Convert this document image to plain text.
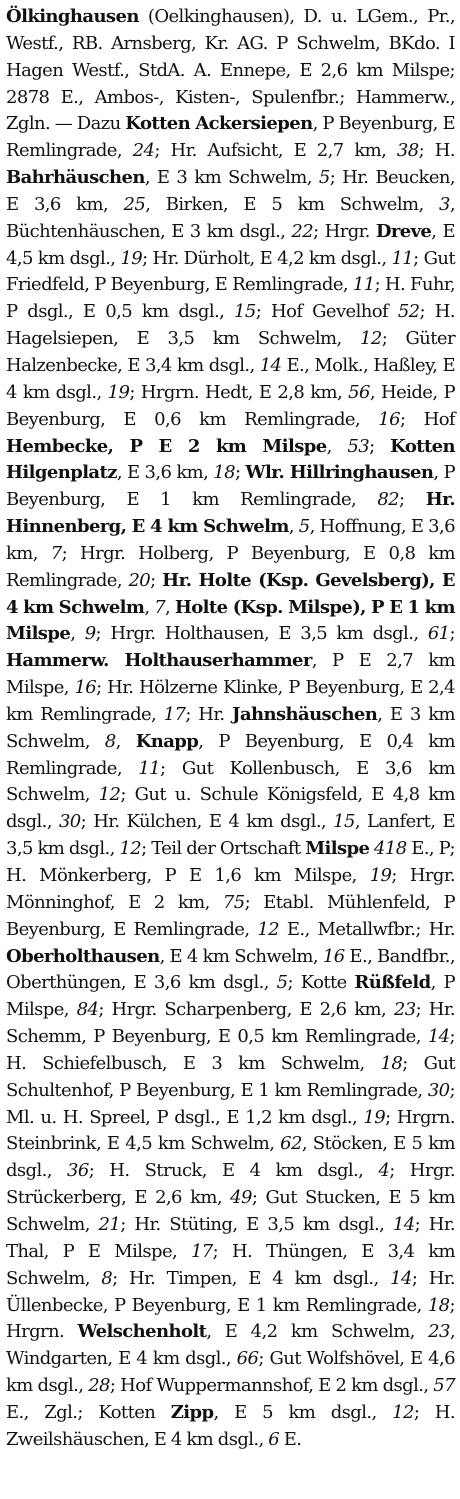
Ölkinghausen (Oelkinghausen), D. u. LGem., Pr., Westf., RB. Arnsberg, Kr. AG. P Schwelm, BKdo. I Hagen Westf., StdA. A. Ennepe, E 2,6 km Milspe; 2878 E., Ambos-, Kisten-, Spulenfbr.; Hammerw., Zgln. — Dazu Kotten Ackersiepen, P Beyenburg, E Remlingrade, 24; Hr. Aufsicht, E 2,7 km, 38; H. Bahrhäuschen, E 3 km Schwelm, 5; Hr. Beucken, E 3,6 km, 25, Birken, E 5 km Schwelm, 3, Büchtenhäuschen, E 3 km dsgl., 22; Hrgr. Dreve, E 4,5 km dsgl., 19; Hr. Dürholt, E 4,2 km dsgl., 11; Gut Friedfeld, P Beyenburg, E Remlingrade, 11; H. Fuhr, P dsgl., E 0,5 km dsgl., 15; Hof Gevelhof 52; H. Hagelsiepen, E 3,5 km Schwelm, 12; Güter Halzenbecke, E 3,4 km dsgl., 14 E., Molk., Haßley, E 4 km dsgl., 19; Hrgrn. Hedt, E 2,8 km, 56, Heide, P Beyenburg, E 0,6 km Remlingrade, 16; Hof Hembecke, P E 2 km Milspe, 53; Kotten Hilgenplatz, E 3,6 km, 18; Wlr. Hillringhausen, P Beyenburg, E 1 km Remlingrade, 82; Hr. Hinnenberg, E 4 km Schwelm, 5, Hoffnung, E 3,6 km, 7; Hrgr. Holberg, P Beyenburg, E 0,8 km Remlingrade, 20; Hr. Holte (Ksp. Gevelsberg), E 4 km Schwelm, 7, Holte (Ksp. Milspe), P E 1 km Milspe, 9; Hrgr. Holthausen, E 3,5 km dsgl., 61; Hammerw. Holthauserhammer, P E 2,7 km Milspe, 16; Hr. Hölzerne Klinke, P Beyenburg, E 2,4 km Remlingrade, 17; Hr. Jahnshäuschen, E 3 km Schwelm, 8, Knapp, P Beyenburg, E 0,4 km Remlingrade, 11; Gut Kollenbusch, E 3,6 km Schwelm, 12; Gut u. Schule Königsfeld, E 4,8 km dsgl., 30; Hr. Külchen, E 4 km dsgl., 15, Lanfert, E 3,5 km dsgl., 12; Teil der Ortschaft Milspe 418 E., P; H. Mönkerberg, P E 1,6 km Milspe, 19; Hrgr. Mönninghof, E 2 km, 75; Etabl. Mühlenfeld, P Beyenburg, E Remlingrade, 12 E., Metallwfbr.; Hr. Oberholthausen, E 4 km Schwelm, 16 E., Bandfbr., Oberthüngen, E 3,6 km dsgl., 5; Kotte Rüßfeld, P Milspe, 84; Hrgr. Scharpenberg, E 2,6 km, 23; Hr. Schemm, P Beyenburg, E 0,5 km Remlingrade, 14; H. Schiefelbusch, E 3 km Schwelm, 18; Gut Schultenhof, P Beyenburg, E 1 km Remlingrade, 30; Ml. u. H. Spreel, P dsgl., E 1,2 km dsgl., 19; Hrgrn. Steinbrink, E 4,5 km Schwelm, 62, Stöcken, E 5 km dsgl., 36; H. Struck, E 4 km dsgl., 4; Hrgr. Strückerberg, E 2,6 km, 49; Gut Stucken, E 5 km Schwelm, 21; Hr. Stüting, E 3,5 km dsgl., 14; Hr. Thal, P E Milspe, 17; H. Thüngen, E 3,4 km Schwelm, 8; Hr. Timpen, E 4 km dsgl., 14; Hr. Üllenbecke, P Beyenburg, E 1 km Remlingrade, 18; Hrgrn. Welschenholt, E 4,2 km Schwelm, 23, Windgarten, E 4 km dsgl., 66; Gut Wolfshövel, E 4,6 km dsgl., 28; Hof Wuppermannshof, E 2 km dsgl., 57 E., Zgl.; Kotten Zipp, E 5 km dsgl., 12; H. Zweilshäuschen, E 4 km dsgl., 6 E.
